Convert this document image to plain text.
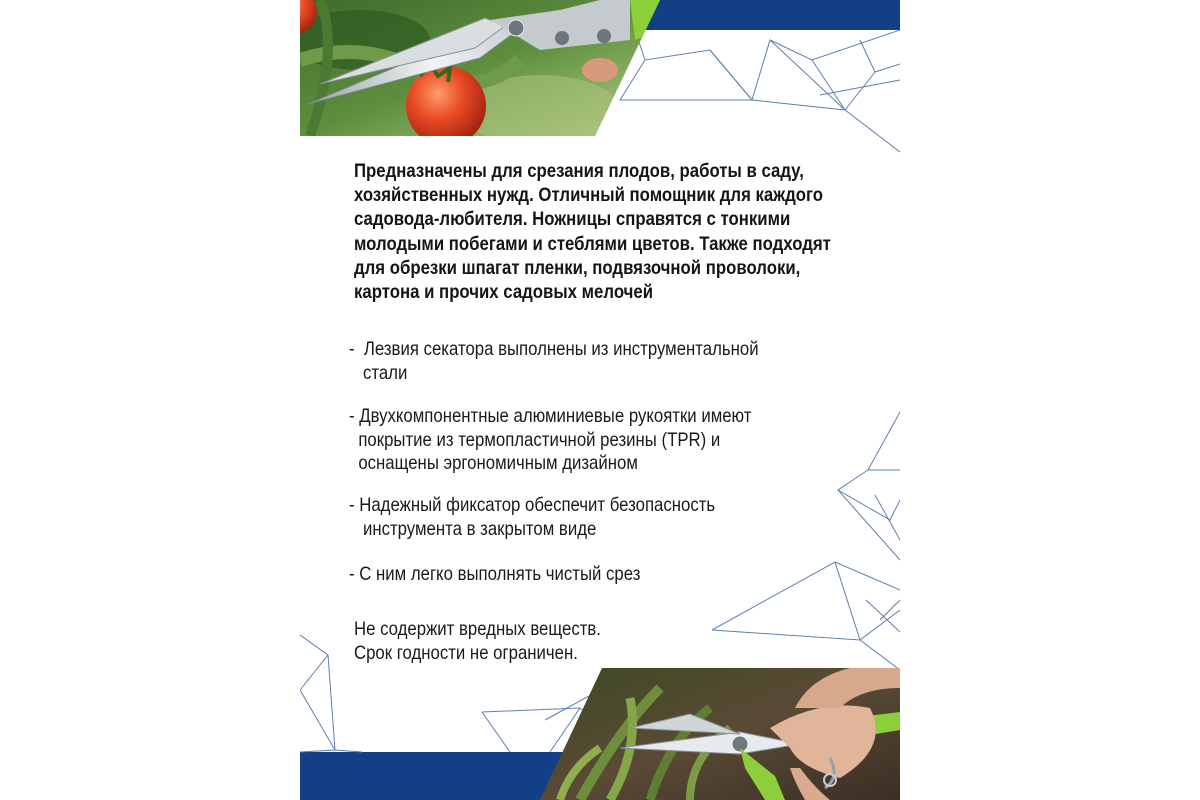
Предназначены для срезания плодов, работы в саду,
хозяйственных нужд. Отличный помощник для каждого
садовода-любителя. Ножницы справятся с тонкими
молодыми побегами и стеблями цветов. Также подходят
для обрезки шпагат пленки, подвязочной проволоки,
картона и прочих садовых мелочей
-  Лезвия секатора выполнены из инструментальной
стали
- Двухкомпонентные алюминиевые рукоятки имеют
покрытие из термопластичной резины (TPR) и
оснащены эргономичным дизайном
- Надежный фиксатор обеспечит безопасность
инструмента в закрытом виде
- С ним легко выполнять чистый срез
Не содержит вредных веществ.
Срок годности не ограничен.
